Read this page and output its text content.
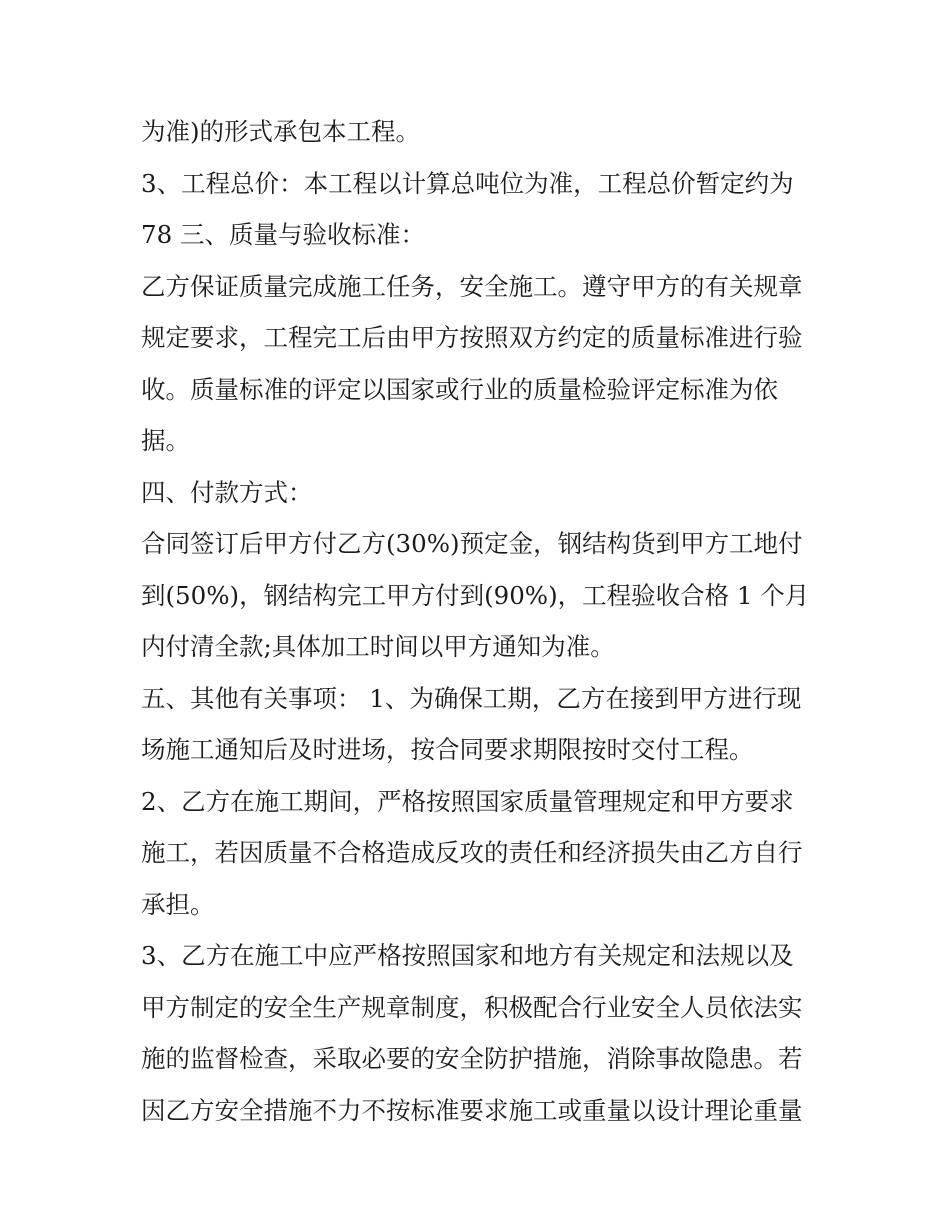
为准)的形式承包本工程。
3、工程总价：本工程以计算总吨位为准，工程总价暂定约为
78 三、质量与验收标准：
乙方保证质量完成施工任务，安全施工。遵守甲方的有关规章
规定要求，工程完工后由甲方按照双方约定的质量标准进行验
收。质量标准的评定以国家或行业的质量检验评定标准为依
据。
四、付款方式：
合同签订后甲方付乙方(30%)预定金，钢结构货到甲方工地付
到(50%)，钢结构完工甲方付到(90%)，工程验收合格 1 个月
内付清全款;具体加工时间以甲方通知为准。
五、其他有关事项： 1、为确保工期，乙方在接到甲方进行现
场施工通知后及时进场，按合同要求期限按时交付工程。
2、乙方在施工期间，严格按照国家质量管理规定和甲方要求
施工，若因质量不合格造成反攻的责任和经济损失由乙方自行
承担。
3、乙方在施工中应严格按照国家和地方有关规定和法规以及
甲方制定的安全生产规章制度，积极配合行业安全人员依法实
施的监督检查，采取必要的安全防护措施，消除事故隐患。若
因乙方安全措施不力不按标准要求施工或重量以设计理论重量
